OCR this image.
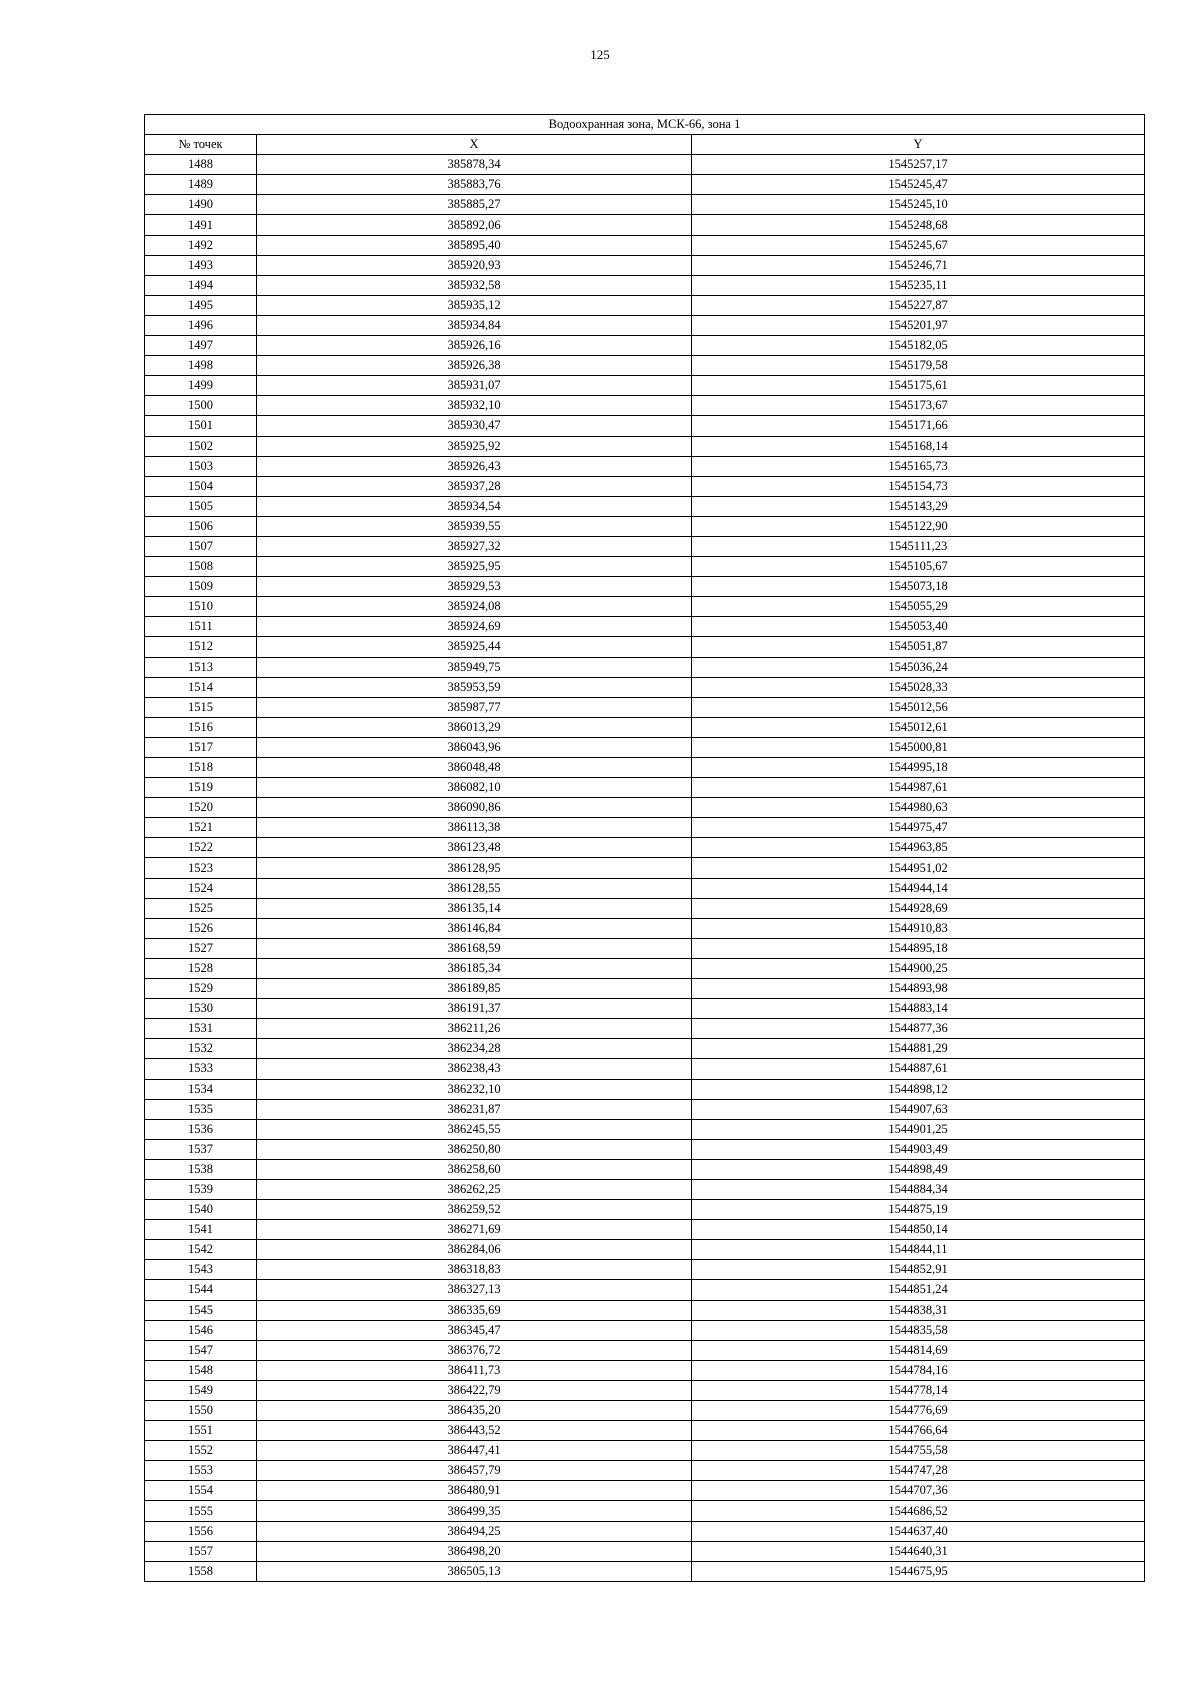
125
Водоохранная зона, МСК-66, зона 1		
№ точек	X	Y
1488	385878,34	1545257,17
1489	385883,76	1545245,47
1490	385885,27	1545245,10
1491	385892,06	1545248,68
1492	385895,40	1545245,67
1493	385920,93	1545246,71
1494	385932,58	1545235,11
1495	385935,12	1545227,87
1496	385934,84	1545201,97
1497	385926,16	1545182,05
1498	385926,38	1545179,58
1499	385931,07	1545175,61
1500	385932,10	1545173,67
1501	385930,47	1545171,66
1502	385925,92	1545168,14
1503	385926,43	1545165,73
1504	385937,28	1545154,73
1505	385934,54	1545143,29
1506	385939,55	1545122,90
1507	385927,32	1545111,23
1508	385925,95	1545105,67
1509	385929,53	1545073,18
1510	385924,08	1545055,29
1511	385924,69	1545053,40
1512	385925,44	1545051,87
1513	385949,75	1545036,24
1514	385953,59	1545028,33
1515	385987,77	1545012,56
1516	386013,29	1545012,61
1517	386043,96	1545000,81
1518	386048,48	1544995,18
1519	386082,10	1544987,61
1520	386090,86	1544980,63
1521	386113,38	1544975,47
1522	386123,48	1544963,85
1523	386128,95	1544951,02
1524	386128,55	1544944,14
1525	386135,14	1544928,69
1526	386146,84	1544910,83
1527	386168,59	1544895,18
1528	386185,34	1544900,25
1529	386189,85	1544893,98
1530	386191,37	1544883,14
1531	386211,26	1544877,36
1532	386234,28	1544881,29
1533	386238,43	1544887,61
1534	386232,10	1544898,12
1535	386231,87	1544907,63
1536	386245,55	1544901,25
1537	386250,80	1544903,49
1538	386258,60	1544898,49
1539	386262,25	1544884,34
1540	386259,52	1544875,19
1541	386271,69	1544850,14
1542	386284,06	1544844,11
1543	386318,83	1544852,91
1544	386327,13	1544851,24
1545	386335,69	1544838,31
1546	386345,47	1544835,58
1547	386376,72	1544814,69
1548	386411,73	1544784,16
1549	386422,79	1544778,14
1550	386435,20	1544776,69
1551	386443,52	1544766,64
1552	386447,41	1544755,58
1553	386457,79	1544747,28
1554	386480,91	1544707,36
1555	386499,35	1544686,52
1556	386494,25	1544637,40
1557	386498,20	1544640,31
1558	386505,13	1544675,95
